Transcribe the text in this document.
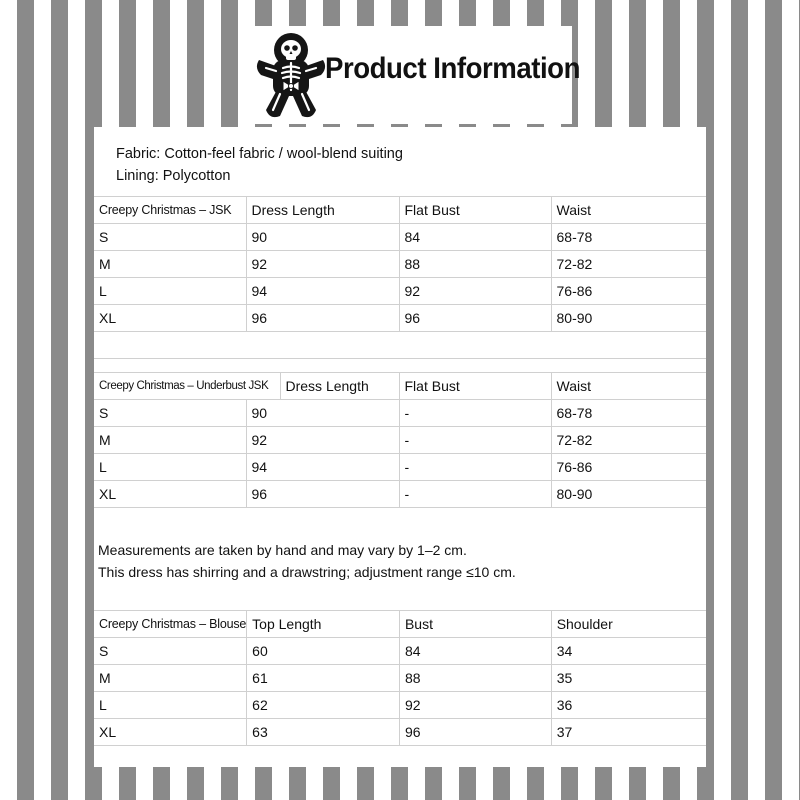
Product Information
Fabric: Cotton-feel fabric / wool-blend suiting
Lining: Polycotton
Creepy Christmas – JSK	Dress Length	Flat Bust	Waist
S	90	84	68-78
M	92	88	72-82
L	94	92	76-86
XL	96	96	80-90

Creepy Christmas – Underbust JSK		Dress Length	Flat Bust	Waist
S	90		-	68-78
M	92		-	72-82
L	94		-	76-86
XL	96		-	80-90
Measurements are taken by hand and may vary by 1–2 cm.
This dress has shirring and a drawstring; adjustment range ≤10 cm.
Creepy Christmas – Blouse	Top Length	Bust	Shoulder
S	60	84	34
M	61	88	35
L	62	92	36
XL	63	96	37
